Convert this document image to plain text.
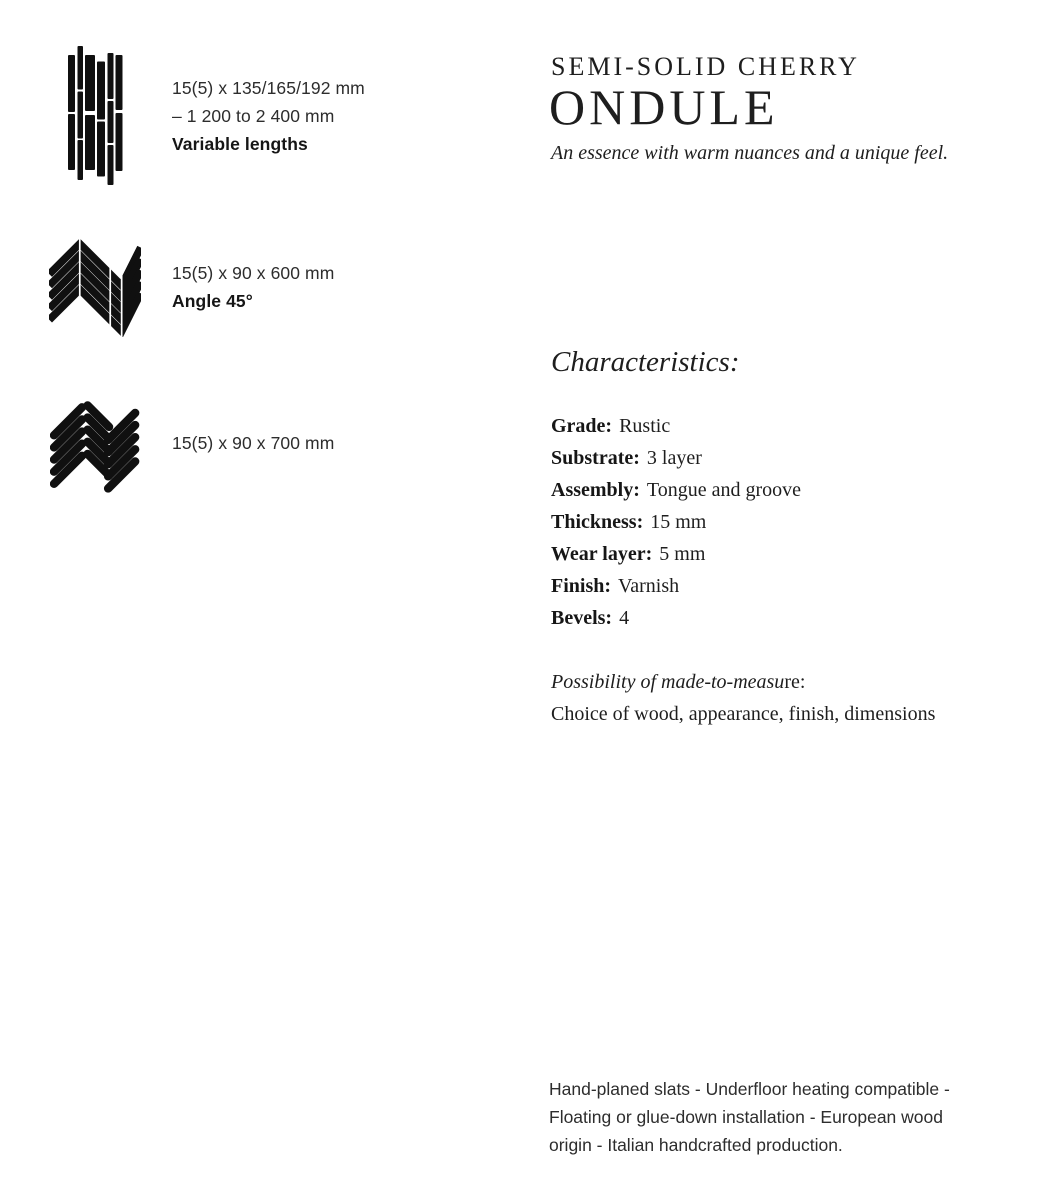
15(5) x 135/165/192 mm
– 1 200 to 2 400 mm
Variable lengths
15(5) x 90 x 600 mm
Angle 45°
15(5) x 90 x 700 mm
SEMI-SOLID CHERRY
ONDULE
An essence with warm nuances and a unique feel.
Characteristics:
Grade: Rustic
Substrate: 3 layer
Assembly: Tongue and groove
Thickness: 15 mm
Wear layer: 5 mm
Finish: Varnish
Bevels: 4
Possibility of made-to-measure:
Choice of wood, appearance, finish, dimensions
Hand-planed slats - Underfloor heating compatible - Floating or glue-down installation - European wood origin - Italian handcrafted production.
